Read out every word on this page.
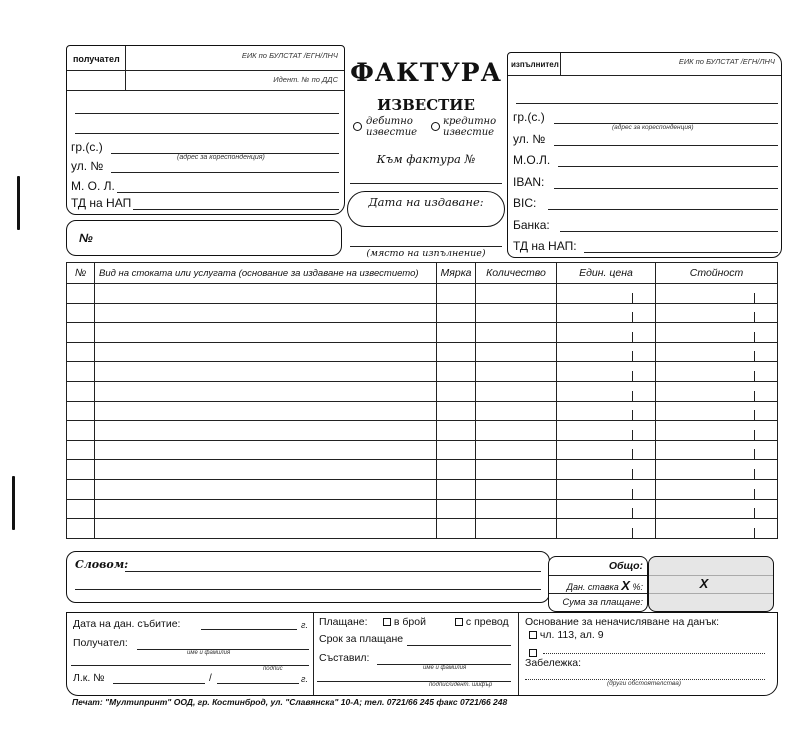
получател	ЕИК по БУЛСТАТ /ЕГН/ЛНЧ
Идент. № по ДДС
гр.(с.)
(адрес за кореспонденция)
ул. №
М. О. Л.
ТД на НАП
№
ФАКТУРА
ИЗВЕСТИЕ
дебитно известие
кредитно известие
Към фактура №
Дата на издаване:
(място на изпълнение)
изпълнител	ЕИК по БУЛСТАТ /ЕГН/ЛНЧ
гр.(с.)
(адрес за кореспонденция)
ул. №
М.О.Л.
IBAN:
BIC:
Банка:
ТД на НАП:
№	Вид на стоката или услугата (основание за издаване на известието)	Мярка	Количество	Един. цена	Стойност

Словом:	Общо:
Дан. ставка X %:
Сума за плащане:
X
Дата на дан. събитие:	г.
Получател:
име и фамилия
подпис
Л.к. №	/	г.
Плащане:	в брой	с превод
Срок за плащане
Съставил:
име и фамилия
подпис/идент. шифър
Основание за неначисляване на данък:
чл. 113, ал. 9
Забележка:
(други обстоятелства)
Печат: "Мултипринт" ООД, гр. Костинброд, ул. "Славянска" 10-А; тел. 0721/66 245 факс 0721/66 248
